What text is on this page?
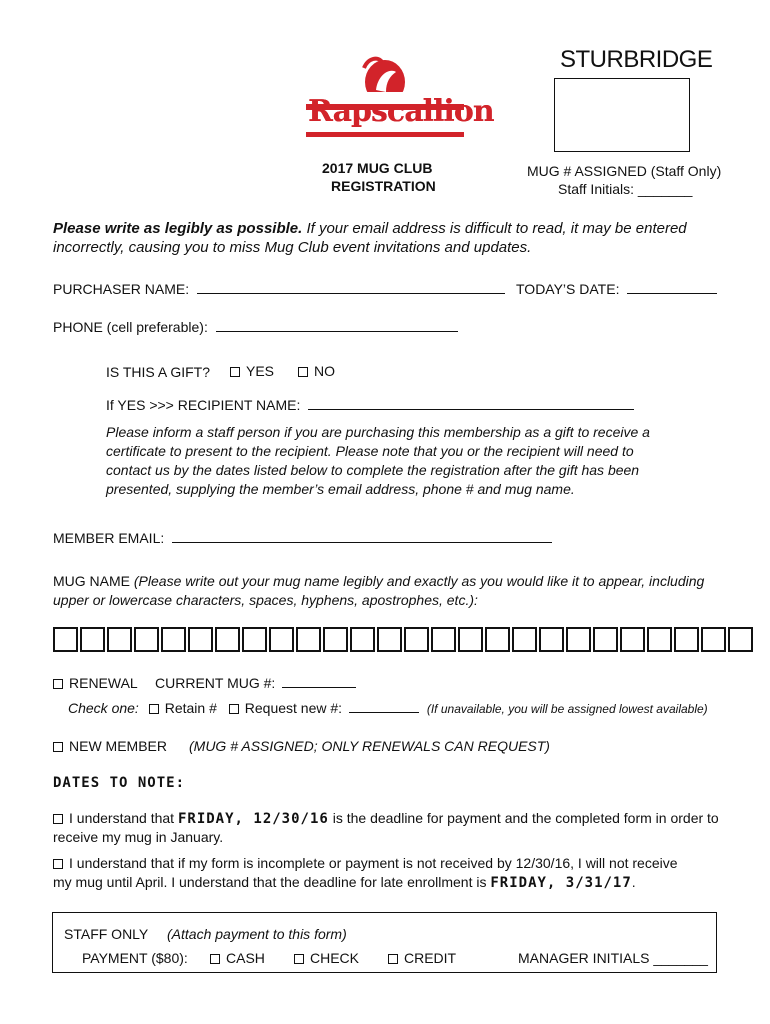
Rapscallion
2017 MUG CLUB
REGISTRATION
STURBRIDGE
MUG # ASSIGNED (Staff Only)
Staff Initials: _______
Please write as legibly as possible. If your email address is difficult to read, it may be entered
incorrectly, causing you to miss Mug Club event invitations and updates.
PURCHASER NAME:	TODAY’S DATE:
PHONE (cell preferable):
IS THIS A GIFT?	YES	NO
If YES >>> RECIPIENT NAME:
Please inform a staff person if you are purchasing this membership as a gift to receive a
certificate to present to the recipient. Please note that you or the recipient will need to
contact us by the dates listed below to complete the registration after the gift has been
presented, supplying the member’s email address, phone # and mug name.
MEMBER EMAIL:
MUG NAME (Please write out your mug name legibly and exactly as you would like it to appear, including
upper or lowercase characters, spaces, hyphens, apostrophes, etc.):
RENEWAL CURRENT MUG #:
Check one: Retain # Request new #:	(If unavailable, you will be assigned lowest available)
NEW MEMBER (MUG # ASSIGNED; ONLY RENEWALS CAN REQUEST)
DATES TO NOTE:
I understand that FRIDAY, 12/30/16 is the deadline for payment and the completed form in order to
receive my mug in January.
I understand that if my form is incomplete or payment is not received by 12/30/16, I will not receive
my mug until April. I understand that the deadline for late enrollment is FRIDAY, 3/31/17.
STAFF ONLY (Attach payment to this form)
PAYMENT ($80):	CASH	CHECK	CREDIT	MANAGER INITIALS _______
